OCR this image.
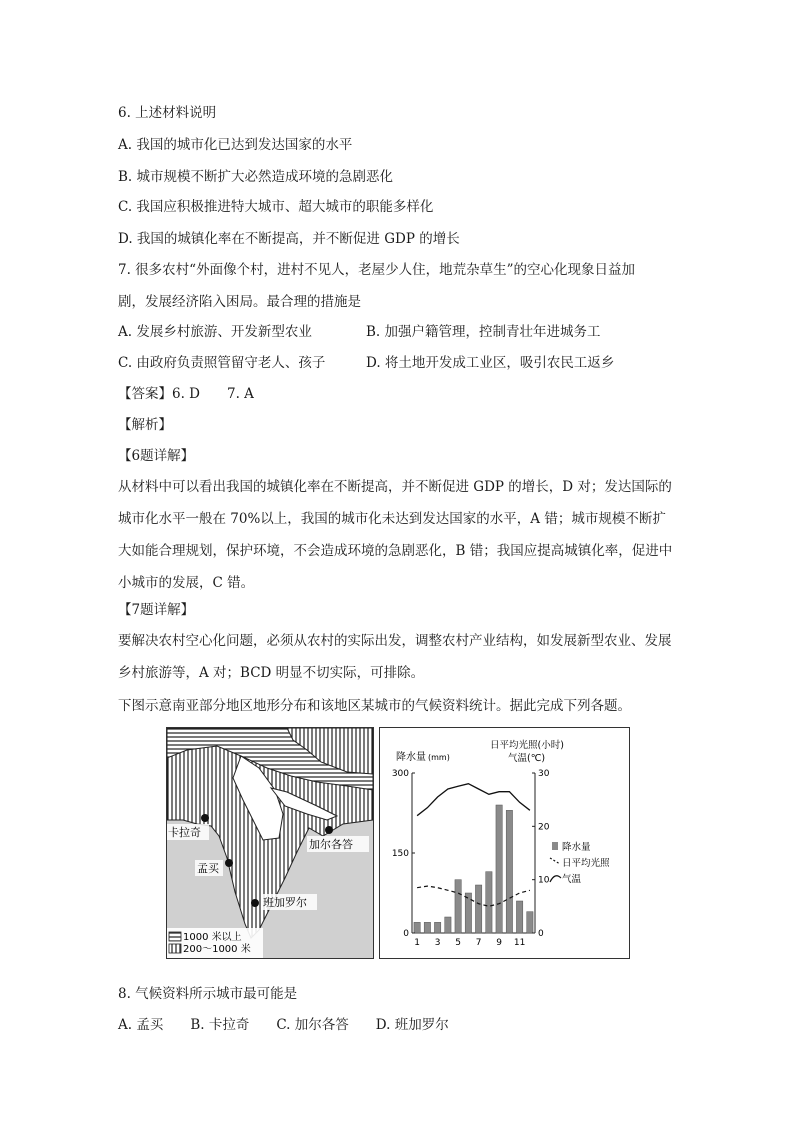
6. 上述材料说明
A. 我国的城市化已达到发达国家的水平
B. 城市规模不断扩大必然造成环境的急剧恶化
C. 我国应积极推进特大城市、超大城市的职能多样化
D. 我国的城镇化率在不断提高，并不断促进 GDP 的增长
7. 很多农村“外面像个村，进村不见人，老屋少人住，地荒杂草生”的空心化现象日益加
剧，发展经济陷入困局。最合理的措施是
A. 发展乡村旅游、开发新型农业	B. 加强户籍管理，控制青壮年进城务工
C. 由政府负责照管留守老人、孩子	D. 将土地开发成工业区，吸引农民工返乡
【答案】6. D　　7. A
【解析】
【6题详解】
从材料中可以看出我国的城镇化率在不断提高，并不断促进 GDP 的增长，D 对；发达国际的城市化水平一般在 70%以上，我国的城市化未达到发达国家的水平，A 错；城市规模不断扩大如能合理规划，保护环境，不会造成环境的急剧恶化，B 错；我国应提高城镇化率，促进中小城市的发展，C 错。
【7题详解】
要解决农村空心化问题，必须从农村的实际出发，调整农村产业结构，如发展新型农业、发展乡村旅游等，A 对；BCD 明显不切实际，可排除。
下图示意南亚部分地区地形分布和该地区某城市的气候资料统计。据此完成下列各题。
卡拉奇
加尔各答
孟买
班加罗尔
1000 米以上
200～1000 米
降水量 (mm)
日平均光照(小时)
气温(℃)
0
150
300
0
10
20
30
1 3 5 7 9 11
降水量
日平均光照
气温
8. 气候资料所示城市最可能是
A. 孟买　　B. 卡拉奇　　C. 加尔各答　　D. 班加罗尔
